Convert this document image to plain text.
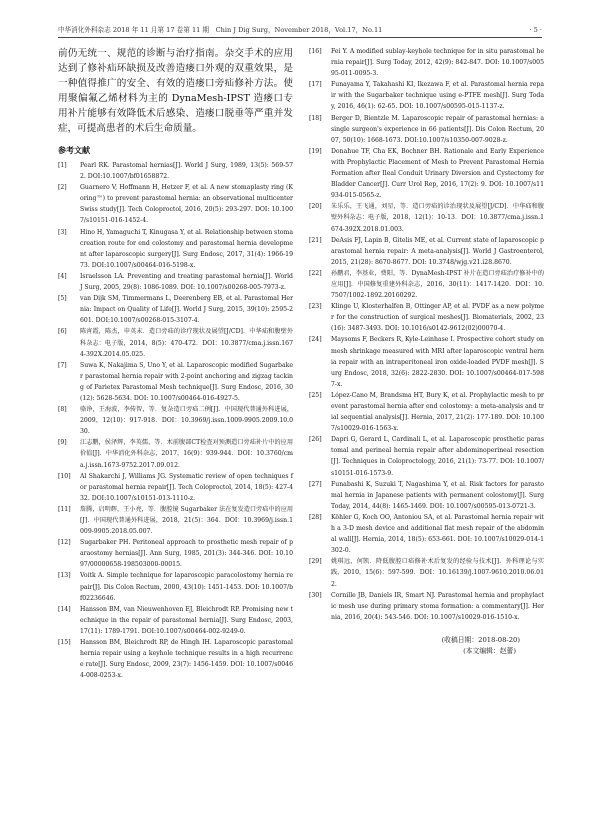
中华消化外科杂志 2018 年 11 月第 17 卷第 11 期　Chin J Dig Surg，November 2018，Vol.17，No.11	· 5 ·

前仍无统一、规范的诊断与治疗指南。杂交手术的应用达到了修补疝环缺损及改善造瘘口外观的双重效果，是一种值得推广的安全、有效的造瘘口旁疝修补方法。使用聚偏氟乙烯材料为主的 DynaMesh-IPST 造瘘口专用补片能够有效降低术后感染、造瘘口脱垂等严重并发症，可提高患者的术后生命质量。

参考文献
[1]	Pearl RK. Parastomal hernias[J]. World J Surg, 1989, 13(5): 569-572. DOI:10.1007/bf01658872.
[2]	Guarnero V, Hoffmann H, Hetzer F, et al. A new stomaplasty ring (Koring™) to prevent parastomal hernia: an observational multicenter Swiss study[J]. Tech Coloproctol, 2016, 20(5): 293-297. DOI: 10.1007/s10151-016-1452-4.
[3]	Hino H, Yamaguchi T, Kinugasa Y, et al. Relationship between stoma creation route for end colostomy and parastomal hernia development after laparoscopic surgery[J]. Surg Endosc, 2017, 31(4): 1966-1973. DOI:10.1007/s00464-016-5198-x.
[4]	Israelsson LA. Preventing and treating parastomal hernia[J]. World J Surg, 2005, 29(8): 1086-1089. DOI: 10.1007/s00268-005-7973-z.
[5]	van Dijk SM, Timmermans L, Deerenberg EB, et al. Parastomal Hernia: Impact on Quality of Life[J]. World J Surg, 2015, 39(10): 2595-2601. DOI:10.1007/s00268-015-3107-4.
[6]	陈宵霞，陈杰，申英末．造口旁疝的诊疗现状及展望[J/CD]．中华疝和腹壁外科杂志：电子版，2014，8(5)：470-472．DOI：10.3877/cma.j.issn.1674-392X.2014.05.025.
[7]	Suwa K, Nakajima S, Uno Y, et al. Laparoscopic modified Sugarbaker parastomal hernia repair with 2-point anchoring and zigzag tacking of Parietex Parastomal Mesh technique[J]. Surg Endosc, 2016, 30(12): 5628-5634. DOI: 10.1007/s00464-016-4927-5.
[8]	骆诤，王海波，李传智，等．复杂造口旁疝二例[J]．中国现代普通外科进展，2009，12(10)：917-918．DOI：10.3969/j.issn.1009-9905.2009.10.030.
[9]	江志鹏，侯泽辉，李英儒，等．术前腹部CT检查对预测造口旁疝补片中的应用价值[J]．中华消化外科杂志，2017，16(9)：939-944．DOI：10.3760/cma.j.issn.1673-9752.2017.09.012.
[10]	Al Shakarchi J, Williams JG. Systematic review of open techniques for parastomal hernia repair[J]. Tech Coloproctol, 2014, 18(5): 427-432. DOI:10.1007/s10151-013-1110-z.
[11]	詹腾，启明辉，王小亮，等．腹腔镜 Sugarbaker 法在复发造口旁疝中的应用[J]．中国现代普通外科进展，2018，21(5)：364．DOI：10.3969/j.issn.1009-9905.2018.05.007.
[12]	Sugarbaker PH. Peritoneal approach to prosthetic mesh repair of paraostomy hernias[J]. Ann Surg, 1985, 201(3): 344-346. DOI: 10.1097/00000658-198503000-00015.
[13]	Voitk A. Simple technique for laparoscopic paracolostomy hernia repair[J]. Dis Colon Rectum, 2000, 43(10): 1451-1453. DOI: 10.1007/bf02236646.
[14]	Hansson BM, van Nieuwenhoven EJ, Bleichrodt RP. Promising new technique in the repair of parastomal hernia[J]. Surg Endosc, 2003, 17(11): 1789-1791. DOI:10.1007/s00464-002-9249-0.
[15]	Hansson BM, Bleichrodt RP, de Hingh IH. Laparoscopic parastomal hernia repair using a keyhole technique results in a high recurrence rate[J]. Surg Endosc, 2009, 23(7): 1456-1459. DOI: 10.1007/s00464-008-0253-x.
[16]	Fei Y. A modified sublay-keyhole technique for in situ parastomal hernia repair[J]. Surg Today, 2012, 42(9): 842-847. DOI: 10.1007/s00595-011-0095-3.
[17]	Funayama Y, Takahashi KI, Ikezawa F, et al. Parastomal hernia repair with the Sugarbaker technique using e-PTFE mesh[J]. Surg Today, 2016, 46(1): 62-65. DOI: 10.1007/s00595-015-1137-z.
[18]	Berger D, Bientzle M. Laparoscopic repair of parastomal hernias: a single surgeon's experience in 66 patients[J]. Dis Colon Rectum, 2007, 50(10): 1668-1673. DOI:10.1007/s10350-007-9028-z.
[19]	Donahue TF, Cha EK, Bochner BH. Rationale and Early Experience with Prophylactic Placement of Mesh to Prevent Parastomal Hernia Formation after Ileal Conduit Urinary Diversion and Cystectomy for Bladder Cancer[J]. Curr Urol Rep, 2016, 17(2): 9. DOI: 10.1007/s11934-015-0565-z.
[20]	朱乐乐，王飞通，刘星，等．造口旁疝的诊治现状及展望[J/CD]．中华疝和腹壁外科杂志：电子版，2018，12(1)：10-13．DOI：10.3877/cma.j.issn.1674-392X.2018.01.003.
[21]	DeAsis FJ, Lapin B, Gitelis ME, et al. Current state of laparoscopic parastomal hernia repair: A meta-analysis[J]. World J Gastroenterol, 2015, 21(28): 8670-8677. DOI: 10.3748/wjg.v21.i28.8670.
[22]	孙鹏君，李基业，费阳，等．DynaMesh-IPST 补片在造口旁疝治疗修补中的应用[J]．中国修复重建外科杂志，2016，30(11)：1417-1420．DOI：10.7507/1002-1892.20160292.
[23]	Klinge U, Klosterhalfen B, Ottinger AP, et al. PVDF as a new polymer for the construction of surgical meshes[J]. Biomaterials, 2002, 23(16): 3487-3493. DOI: 10.1016/s0142-9612(02)00070-4.
[24]	Maysoms F, Beckers R, Kyle-Leinhase I. Prospective cohort study on mesh shrinkage measured with MRI after laparoscopic ventral hernia repair with an intraperitoneal iron oxide-loaded PVDF mesh[J]. Surg Endosc, 2018, 32(6): 2822-2830. DOI: 10.1007/s00464-017-5987-x.
[25]	López-Cano M, Brandsma HT, Bury K, et al. Prophylactic mesh to prevent parastomal hernia after end colostomy: a meta-analysis and trial sequential analysis[J]. Hernia, 2017, 21(2): 177-189. DOI: 10.1007/s10029-016-1563-x.
[26]	Dapri G, Gerard L, Cardinali L, et al. Laparoscopic prosthetic parastomal and perineal hernia repair after abdominoperineal resection[J]. Techniques in Coloproctology, 2016, 21(1): 73-77. DOI: 10.1007/s10151-016-1573-9.
[27]	Funabashi K, Suzuki T, Nagashima Y, et al. Risk factors for parastomal hernia in Japanese patients with permanent colostomy[J]. Surg Today, 2014, 44(8): 1465-1469. DOI: 10.1007/s00595-013-0721-3.
[28]	Köhler G, Koch OO, Antoniou SA, et al. Parastomal hernia repair with a 3-D mesh device and additional flat mesh repair of the abdominal wall[J]. Hernia, 2014, 18(5): 653-661. DOI: 10.1007/s10029-014-1302-0.
[29]	姚琪远，何凯．降低腹腔口疝修补术后复发的经验与技术[J]．外科理论与实践，2010，15(6)：597-599．DOI：10.16139/j.1007-9610.2010.06.012.
[30]	Cornille JB, Daniels IR, Smart NJ. Parastomal hernia and prophylactic mesh use during primary stoma formation: a commentary[J]. Hernia, 2016, 20(4): 543-546. DOI: 10.1007/s10029-016-1510-x.
(收稿日期：2018-08-20)
(本文编辑：赵蕾)
